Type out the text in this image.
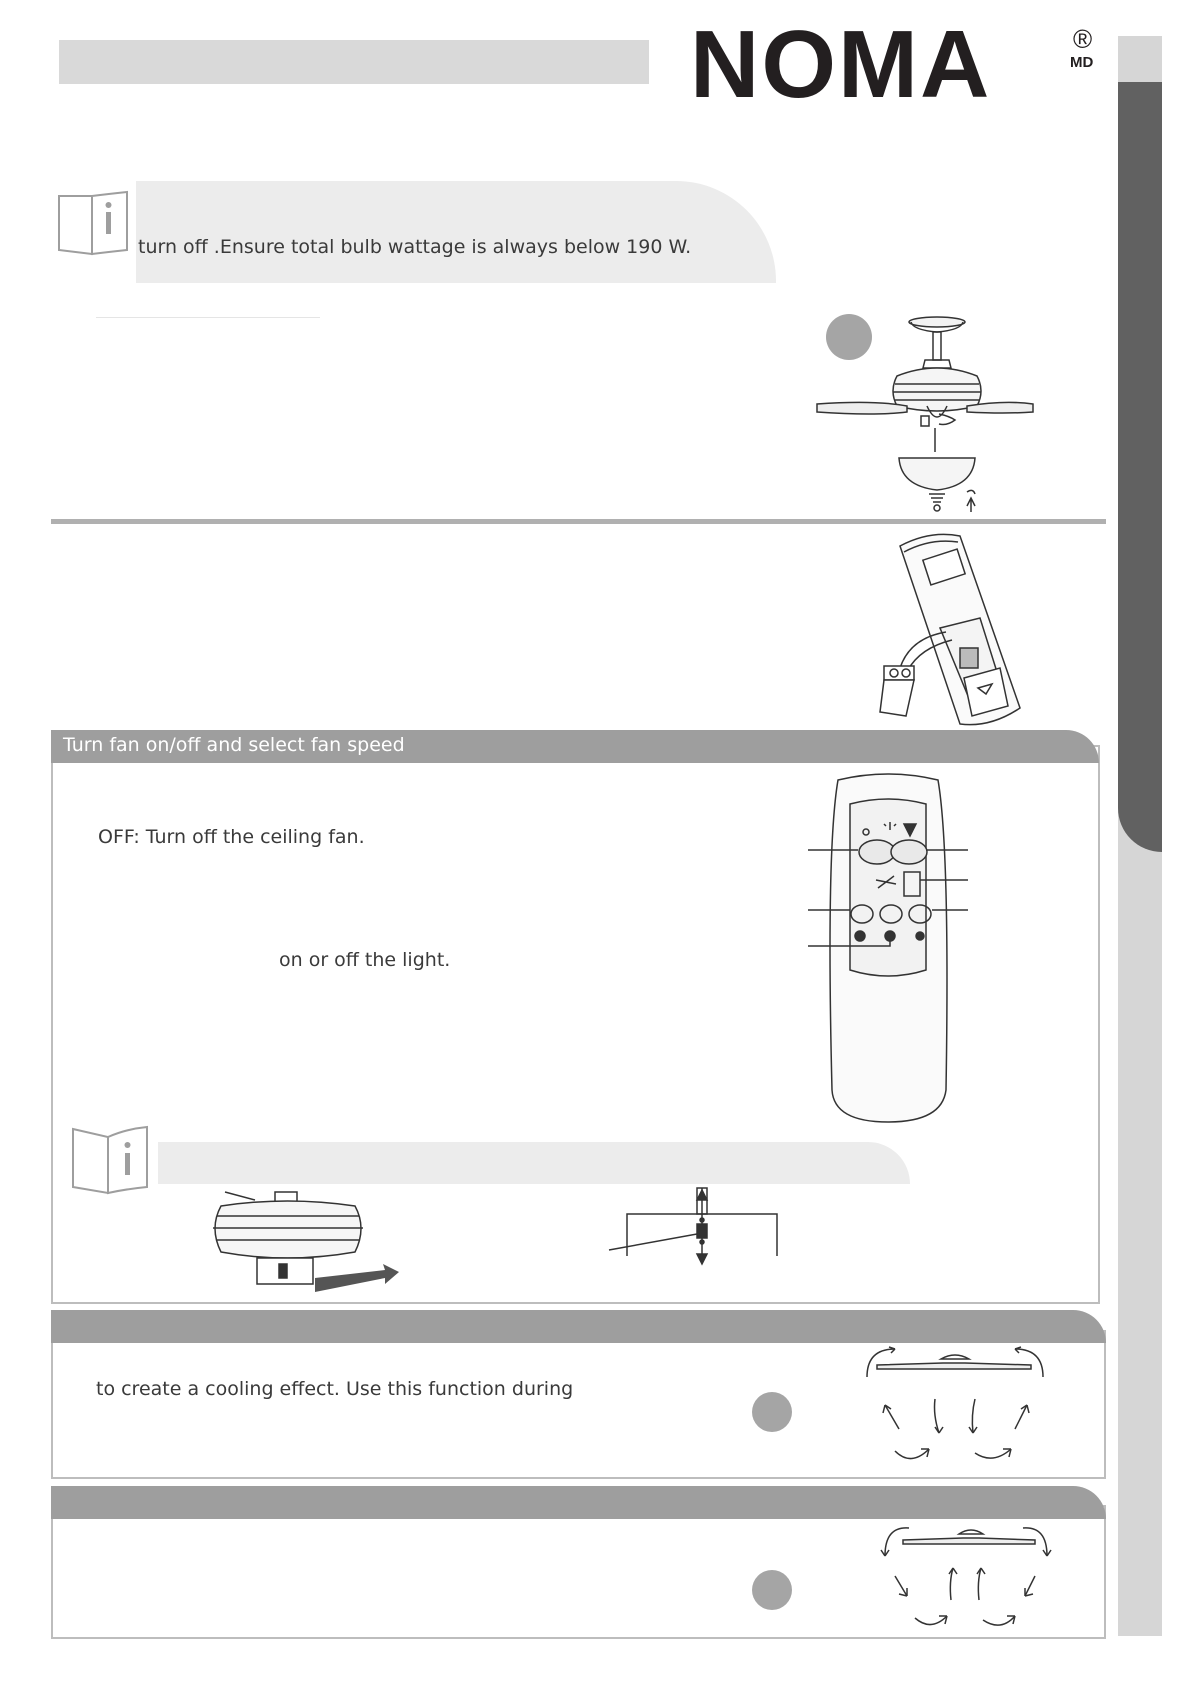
NOMA	®
MD
turn off .Ensure total bulb wattage is always below 190 W.
Turn fan on/off and select fan speed
OFF: Turn off the ceiling fan.
on or off the light.
to create a cooling effect. Use this function during
